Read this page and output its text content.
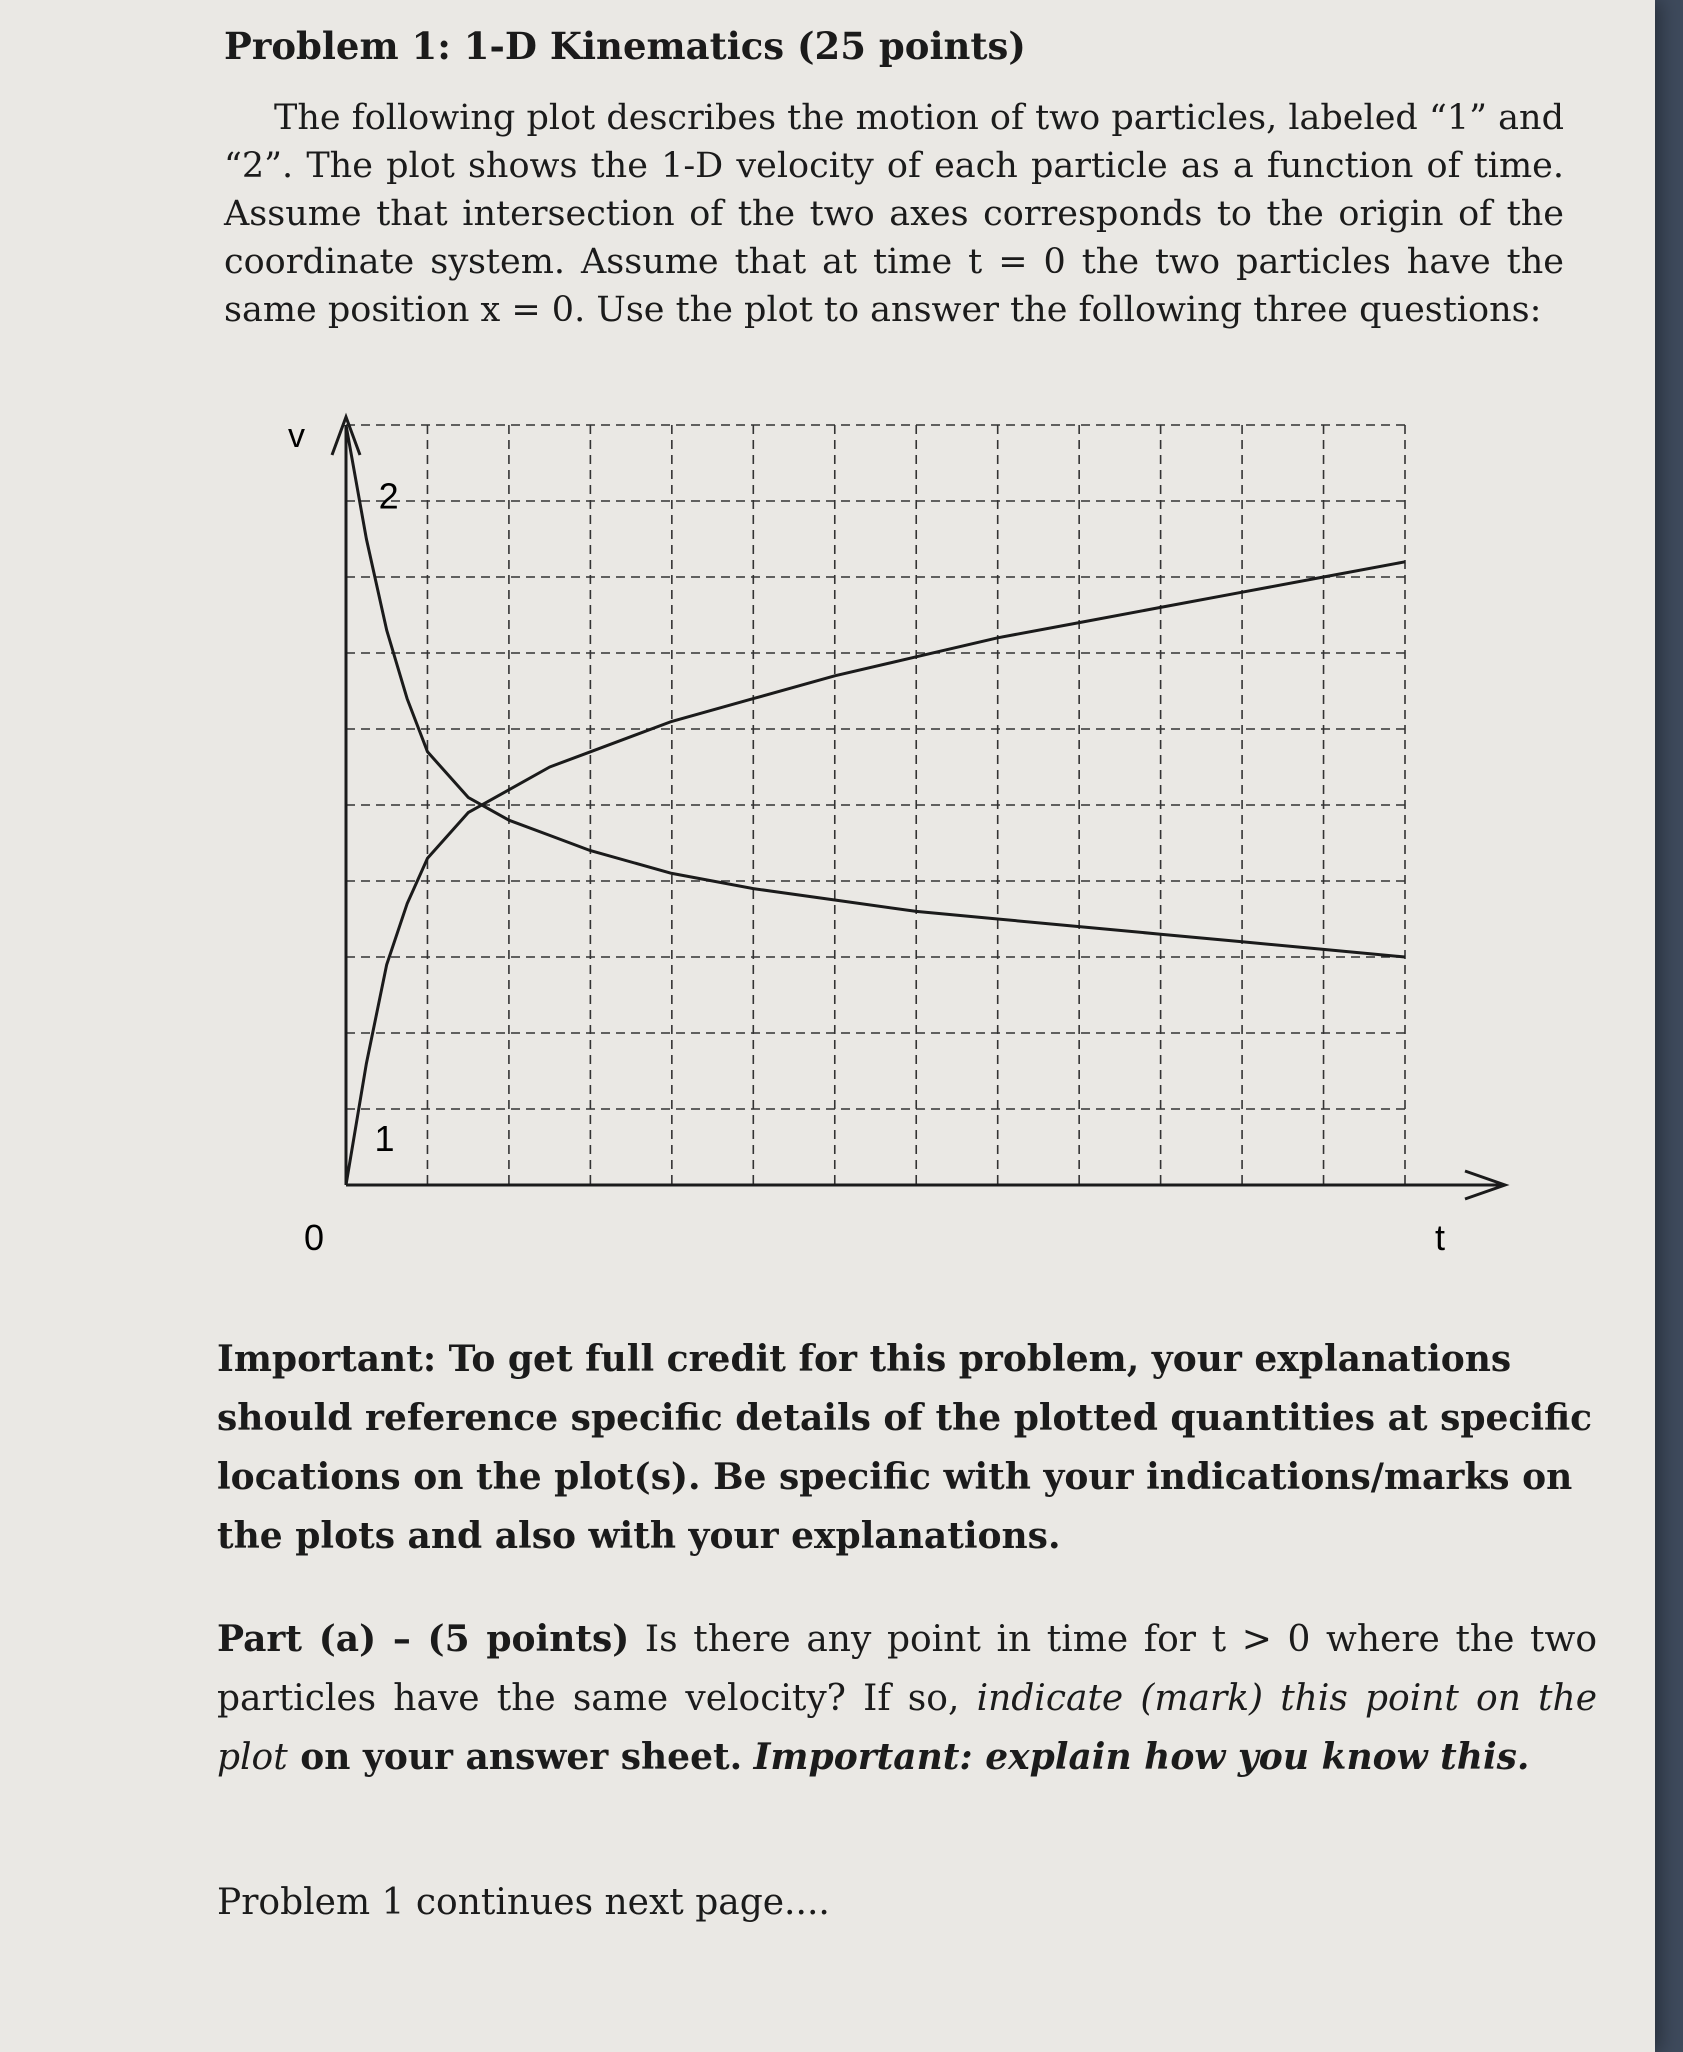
Problem 1: 1-D Kinematics (25 points)
The following plot describes the motion of two particles, labeled “1” and “2”. The plot shows the 1-D velocity of each particle as a function of time. Assume that intersection of the two axes corresponds to the origin of the coordinate system. Assume that at time t = 0 the two particles have the same position x = 0. Use the plot to answer the following three questions:
v
t
0
2
1
Important: To get full credit for this problem, your explanations should reference specific details of the plotted quantities at specific locations on the plot(s). Be specific with your indications/marks on the plots and also with your explanations.
Part (a) – (5 points) Is there any point in time for t > 0 where the two particles have the same velocity? If so, indicate (mark) this point on the plot on your answer sheet. Important: explain how you know this.
Problem 1 continues next page....
